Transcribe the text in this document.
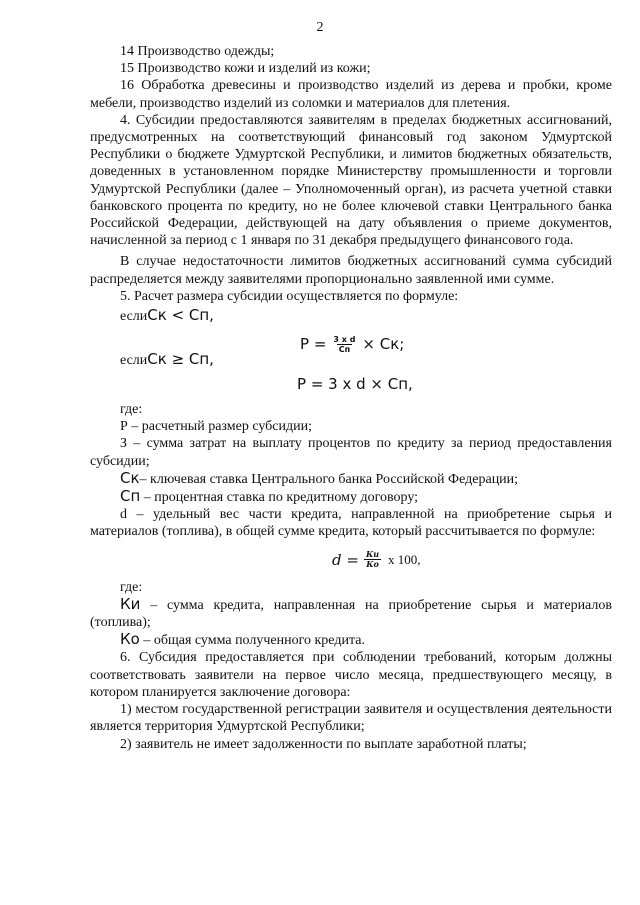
2

14 Производство одежды;

15 Производство кожи и изделий из кожи;

16 Обработка древесины и производство изделий из дерева и пробки, кроме мебели, производство изделий из соломки и материалов для плетения.

4. Субсидии предоставляются заявителям в пределах бюджетных ассигнований, предусмотренных на соответствующий финансовый год законом Удмуртской Республики о бюджете Удмуртской Республики, и лимитов бюджетных обязательств, доведенных в установленном порядке Министерству промышленности и торговли Удмуртской Республики (далее – Уполномоченный орган), из расчета учетной ставки банковского процента по кредиту, но не более ключевой ставки Центрального банка Российской Федерации, действующей на дату объявления о приеме документов, начисленной за период с 1 января по 31 декабря предыдущего финансового года.

В случае недостаточности лимитов бюджетных ассигнований сумма субсидий распределяется между заявителями пропорционально заявленной ими сумме.

5. Расчет размера субсидии осуществляется по формуле:

если Ск < Сп,
$Р = \frac{\text{3 x d}}{Сп}$ × Ск;
если Ск ≥ Сп,
Р = 3 х d × Сп,

где:

Р – расчетный размер субсидии;

З – сумма затрат на выплату процентов по кредиту за период предоставления субсидии;

Ск– ключевая ставка Центрального банка Российской Федерации;

Сп – процентная ставка по кредитному договору;

d – удельный вес части кредита, направленной на приобретение сырья и материалов (топлива), в общей сумме кредита, который рассчитывается по формуле:

$d = \frac{Ки}{Ко}$ x 100,

где:

Ки – сумма кредита, направленная на приобретение сырья и материалов (топлива);

Ко – общая сумма полученного кредита.

6. Субсидия предоставляется при соблюдении требований, которым должны соответствовать заявители на первое число месяца, предшествующего месяцу, в котором планируется заключение договора:

1) местом государственной регистрации заявителя и осуществления деятельности является территория Удмуртской Республики;

2) заявитель не имеет задолженности по выплате заработной платы;
